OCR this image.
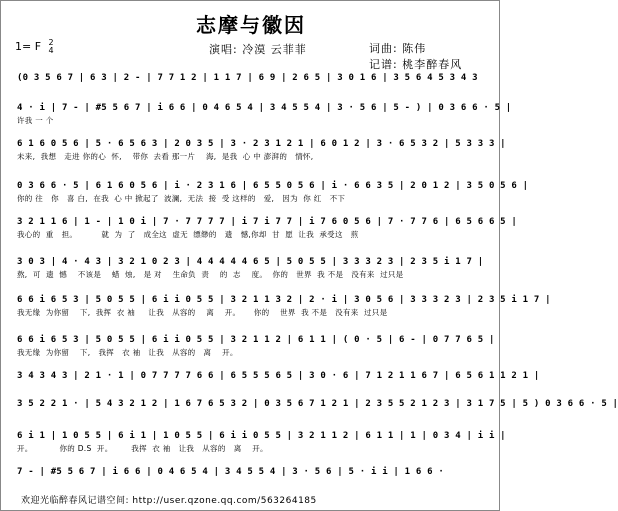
志摩与徽因
1= F 2
4	演唱: 冷漠 云菲菲	词曲: 陈伟
记谱: 桃李醉春风
(0 3 5 6 7 | 6 3 | 2 - | 7 7 1 2 | 1 1 7 | 6 9 | 2 6 5 | 3 0 1 6 | 3 5 6 4 5 3 4 3
4 · i | 7 - | #5 5 6 7 | i 6 6 | 0 4 6 5 4 | 3 4 5 5 4 | 3 · 5 6 | 5 - ) | 0 3 6 6 · 5 |
许我 一 个
6 1 6 0 5 6 | 5 · 6 5 6 3 | 2 0 3 5 | 3 · 2 3 1 2 1 | 6 0 1 2 | 3 · 6 5 3 2 | 5 3 3 3 |
未来,  我想   走进 你的心  怀,    带你  去看 那一片    海,  是我  心 中 澎湃的   情怀,
0 3 6 6 · 5 | 6 1 6 0 5 6 | i · 2 3 1 6 | 6 5 5 0 5 6 | i · 6 6 3 5 | 2 0 1 2 | 3 5 0 5 6 |
你的 往   你   喜 白,  在我  心 中 掀起了  波澜,  无法  接  受 这样的   爱,   因为  你 红   不下
3 2 1 1 6 | 1 - | 1 0 i | 7 · 7 7 7 7 | i 7 i 7 7 | i 7 6 0 5 6 | 7 · 7 7 6 | 6 5 6 6 5 |
我心的  重   担。         就  为  了   成全这  虚无  缥缈的   遗   憾,你却  甘  愿  让我  承受这   煎
3 0 3 | 4 · 4 3 | 3 2 1 0 2 3 | 4 4 4 4 4 6 5 | 5 0 5 5 | 3 3 3 2 3 | 2 3 5 i 1 7 |
熬,  可  遗  憾    不该是    蜡  烛,   是 对    生命负  责    的  志    度。  你的   世界  我 不是   没有来  过只是
6 6 i 6 5 3 | 5 0 5 5 | 6 i i 0 5 5 | 3 2 1 1 3 2 | 2 · i | 3 0 5 6 | 3 3 3 2 3 | 2 3 5 i 1 7 |
我无缘  为你留    下,  我挥  衣 袖     让我   从容的    离    开。     你的    世界  我 不是   没有来  过只是
6 6 i 6 5 3 | 5 0 5 5 | 6 i i 0 5 5 | 3 2 1 1 2 | 6 1 1 | ( 0 · 5 | 6 - | 0 7 7 6 5 |
我无缘  为你留    下,   我挥   衣 袖   让我   从容的   离    开。
3 4 3 4 3 | 2 1 · 1 | 0 7 7 7 7 6 6 | 6 5 5 5 6 5 | 3 0 · 6 | 7 1 2 1 1 6 7 | 6 5 6 1 1 2 1 |
3 5 2 2 1 · | 5 4 3 2 1 2 | 1 6 7 6 5 3 2 | 0 3 5 6 7 1 2 1 | 2 3 5 5 2 1 2 3 | 3 1 7 5 | 5 ) 0 3 6 6 · 5 |
6 i 1 | 1 0 5 5 | 6 i 1 | 1 0 5 5 | 6 i i 0 5 5 | 3 2 1 1 2 | 6 1 1 | 1 | 0 3 4 | i i |
开。          你的 D.S  开。       我挥  衣 袖   让我   从容的   离    开。
7 - | #5 5 6 7 | i 6 6 | 0 4 6 5 4 | 3 4 5 5 4 | 3 · 5 6 | 5 · i i | 1 6 6 ·
欢迎光临醉春风记谱空间: http://user.qzone.qq.com/563264185
